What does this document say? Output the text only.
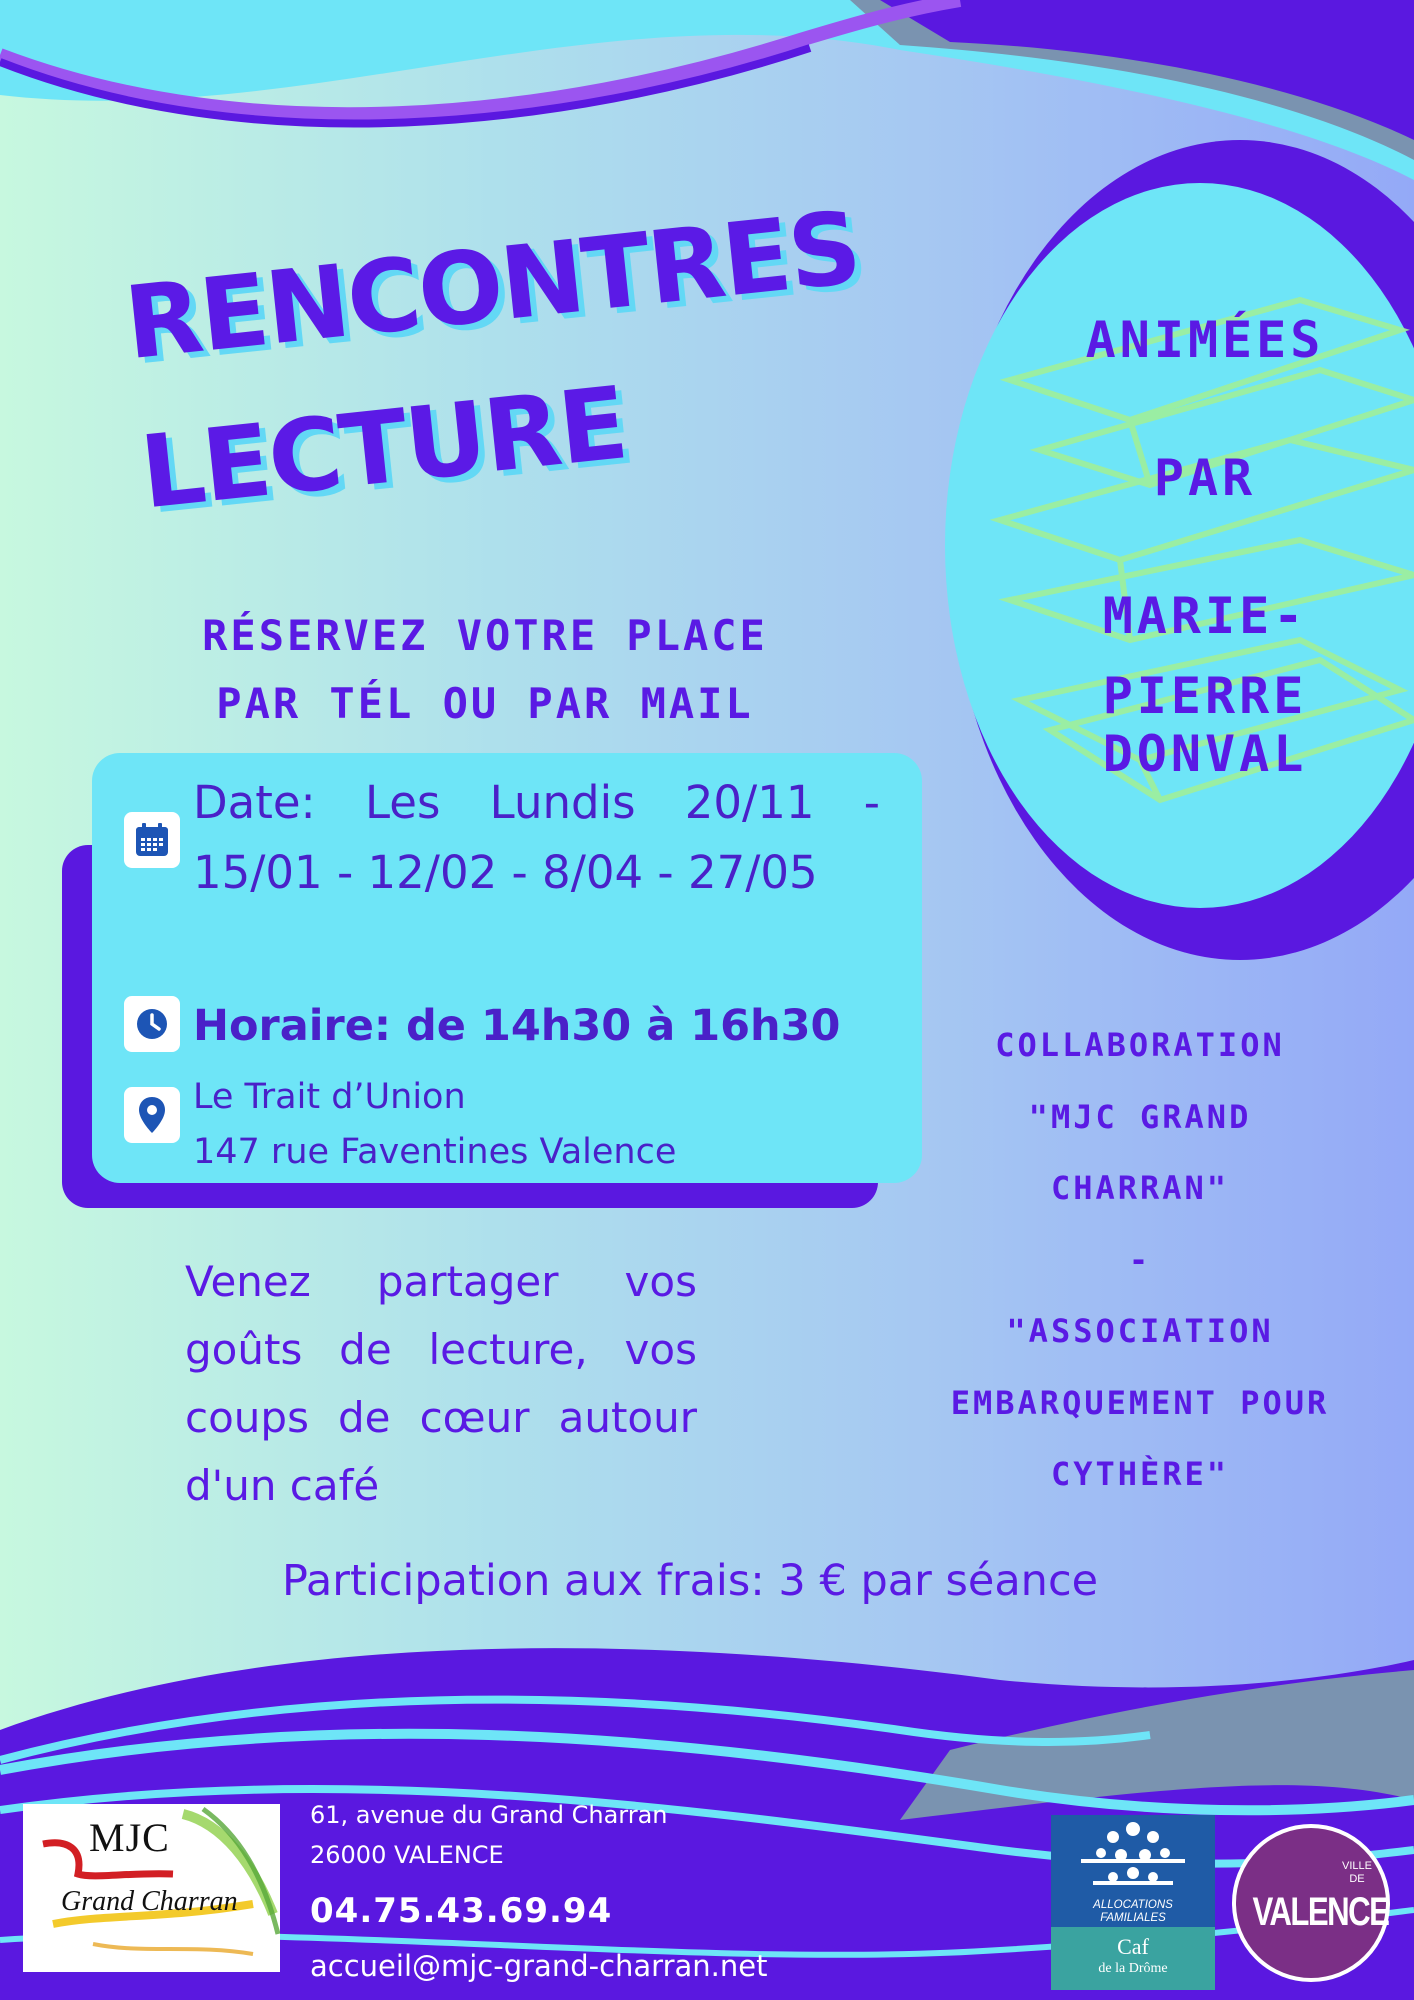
ANIMÉES
PAR
MARIE-PIERRE
DONVAL
RENCONTRES
LECTURE
RÉSERVEZ VOTRE PLACE
PAR TÉL OU PAR MAIL
Date: Les Lundis 20/11 - 15/01 - 12/02 - 8/04 - 27/05
Horaire: de 14h30 à 16h30
Le Trait d’Union
147 rue Faventines Valence
Venez partager vos goûts de lecture, vos coups de cœur autour d'un café
COLLABORATION
"MJC GRAND
CHARRAN"
-
"ASSOCIATION
EMBARQUEMENT POUR
CYTHÈRE"
Participation aux frais: 3 € par séance
MJC
Grand Charran
61, avenue du Grand Charran
26000 VALENCE
04.75.43.69.94
accueil@mjc-grand-charran.net
ALLOCATIONS
FAMILIALES
Caf
de la Drôme
VILLE
DE
VALENCE
